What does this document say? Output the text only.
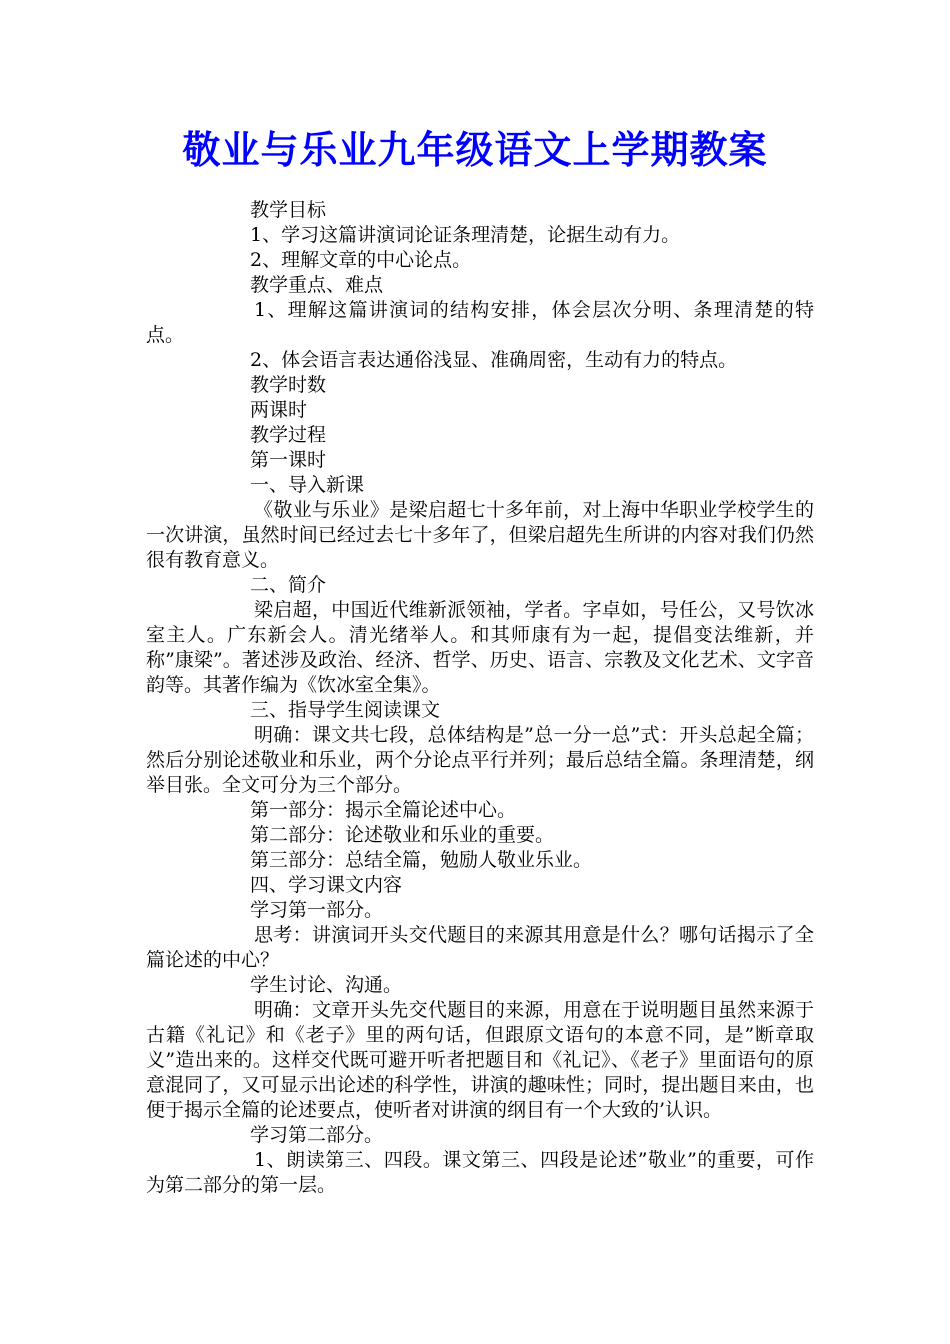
敬业与乐业九年级语文上学期教案

教学目标

1、学习这篇讲演词论证条理清楚，论据生动有力。

2、理解文章的中心论点。

教学重点、难点

1、理解这篇讲演词的结构安排，体会层次分明、条理清楚的特点。

2、体会语言表达通俗浅显、准确周密，生动有力的特点。

教学时数

两课时

教学过程

第一课时

一、导入新课

《敬业与乐业》是梁启超七十多年前，对上海中华职业学校学生的一次讲演，虽然时间已经过去七十多年了，但梁启超先生所讲的内容对我们仍然很有教育意义。

二、简介

梁启超，中国近代维新派领袖，学者。字卓如，号任公，又号饮冰室主人。广东新会人。清光绪举人。和其师康有为一起，提倡变法维新，并称”康梁”。著述涉及政治、经济、哲学、历史、语言、宗教及文化艺术、文字音韵等。其著作编为《饮冰室全集》。

三、指导学生阅读课文

明确：课文共七段，总体结构是”总一分一总”式：开头总起全篇；然后分别论述敬业和乐业，两个分论点平行并列；最后总结全篇。条理清楚，纲举目张。全文可分为三个部分。

第一部分：揭示全篇论述中心。

第二部分：论述敬业和乐业的重要。

第三部分：总结全篇，勉励人敬业乐业。

四、学习课文内容

学习第一部分。

思考：讲演词开头交代题目的来源其用意是什么？哪句话揭示了全篇论述的中心？

学生讨论、沟通。

明确：文章开头先交代题目的来源，用意在于说明题目虽然来源于古籍《礼记》和《老子》里的两句话，但跟原文语句的本意不同，是”断章取义”造出来的。这样交代既可避开听者把题目和《礼记》、《老子》里面语句的原意混同了，又可显示出论述的科学性，讲演的趣味性；同时，提出题目来由，也便于揭示全篇的论述要点，使听者对讲演的纲目有一个大致的’认识。

学习第二部分。

1、朗读第三、四段。课文第三、四段是论述”敬业”的重要，可作为第二部分的第一层。
